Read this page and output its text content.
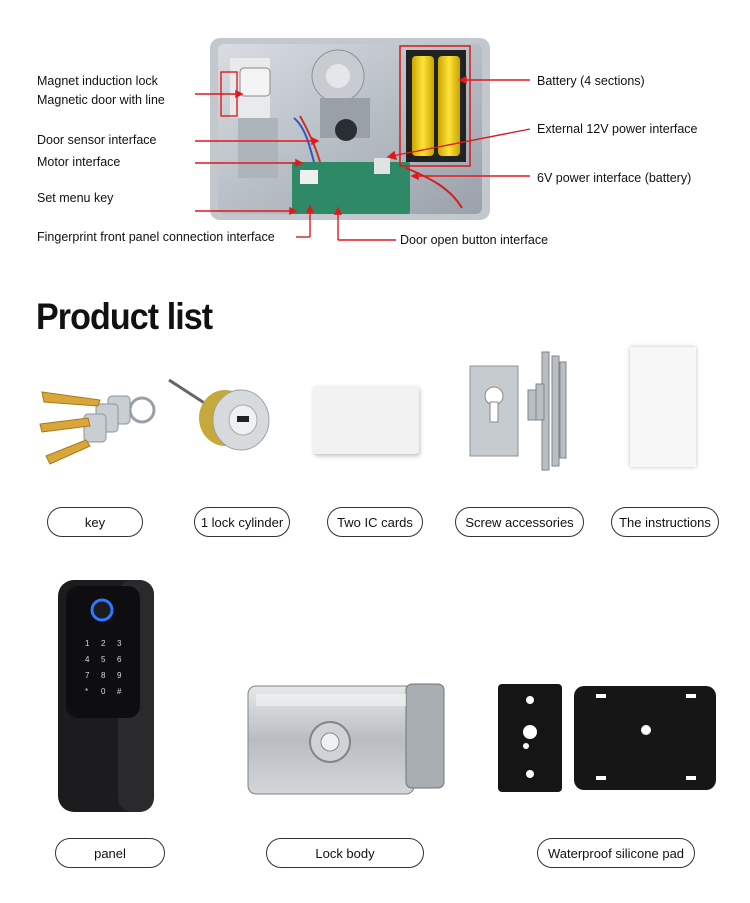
Magnet induction lock
Magnetic door with line
Door sensor interface
Motor interface
Set menu key
Fingerprint front panel connection interface
Battery (4 sections)
External 12V power interface
6V power interface (battery)
Door open button interface
Product list
key	1 lock cylinder	Two IC cards	Screw accessories	The instructions
1 2 3
4 5 6
7 8 9
* 0 #
panel	Lock body	Waterproof silicone pad
